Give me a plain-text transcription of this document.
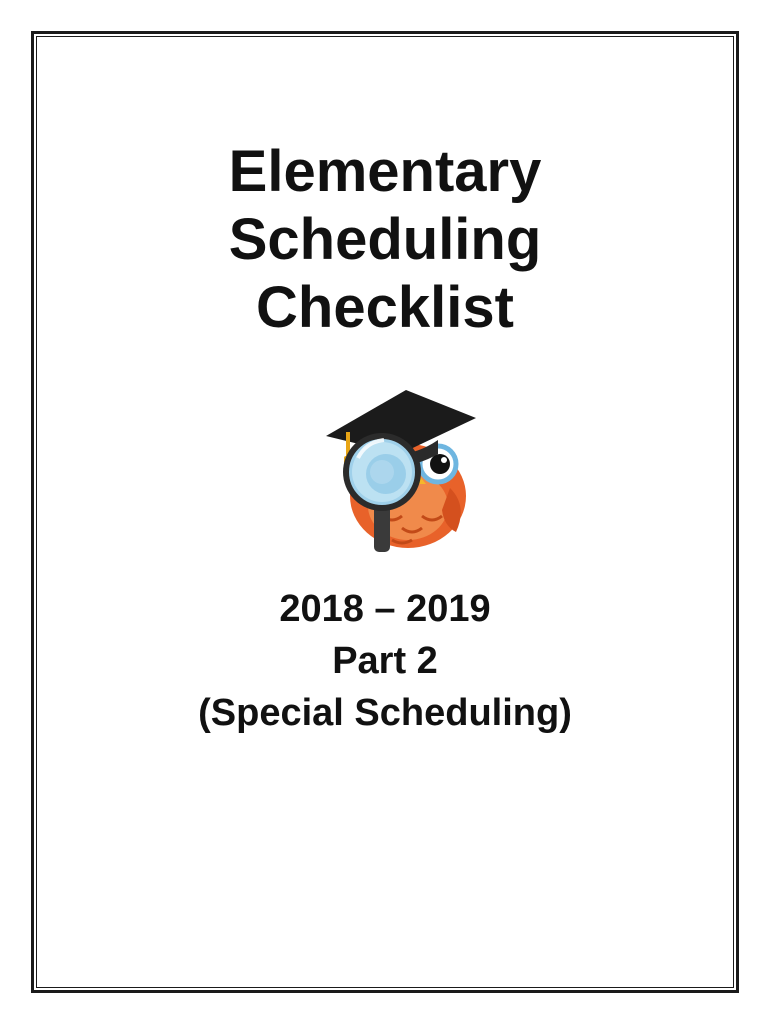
Elementary
Scheduling
Checklist
2018 – 2019
Part 2
(Special Scheduling)
